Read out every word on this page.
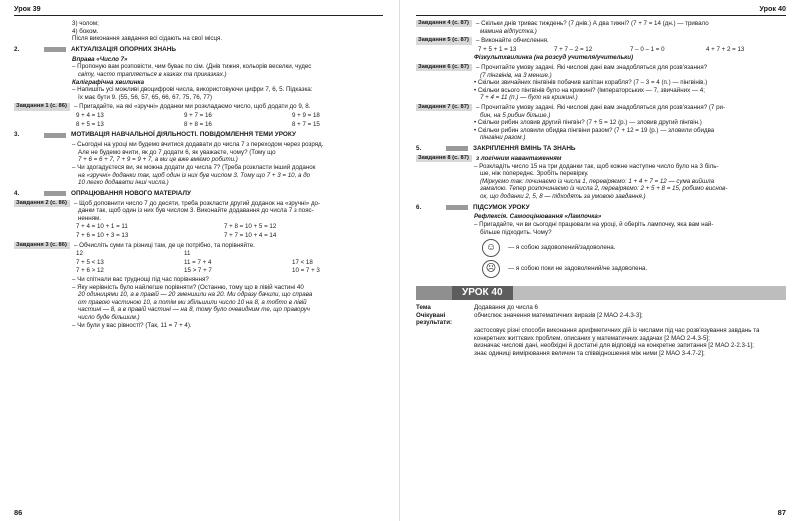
Урок 39
3) чолом;
4) боком.
Після виконання завдання всі сідають на свої місця.
2.	АКТУАЛІЗАЦІЯ ОПОРНИХ ЗНАНЬ
Вправа «Число 7»
– Пропоную вам розповісти, чим буває по сім. (Днів тижня, кольорів веселки, чудес
світу, часто трапляється в казках та приказках.)
Каліграфічна хвилинка
– Напишіть усі можливі двоцифрові числа, використовуючи цифри 7, 6, 5. Підказка:
їх має бути 9. (55, 56, 57, 65, 66, 67, 75, 76, 77)
Завдання 1 (с. 86)	– Пригадайте, на які «зручні» доданки ми розкладаємо число, щоб додати до 9, 8.
9 + 4 = 13	9 + 7 = 16	9 + 9 = 18
8 + 5 = 13	8 + 8 = 16	8 + 7 = 15
3.	МОТИВАЦІЯ НАВЧАЛЬНОЇ ДІЯЛЬНОСТІ. ПОВІДОМЛЕННЯ ТЕМИ УРОКУ
– Сьогодні на уроці ми будемо вчитися додавати до числа 7 з переходом через розряд.
Але не будемо вчити, як до 7 додати 6, як уважаєте, чому? (Тому що
7 + 6 = 6 + 7, 7 + 9 = 9 + 7, а ми це вже вміємо робити.)
– Чи здогадуєтеся ви, як можна додати до числа 7? (Треба розкласти інший доданок
на «зручні» доданки так, щоб один із них був числом 3. Тому що 7 + 3 = 10, а до
10 легко додавати інші числа.)
4.	ОПРАЦЮВАННЯ НОВОГО МАТЕРІАЛУ
Завдання 2 (с. 86)	– Щоб доповнити число 7 до десяти, треба розкласти другий доданок на «зручні» до-
данки так, щоб один із них був числом 3. Виконайте додавання до числа 7 з пояс-
ненням.
7 + 4 = 10 + 1 = 11	7 + 8 = 10 + 5 = 12
7 + 6 = 10 + 3 = 13	7 + 7 = 10 + 4 = 14
Завдання 3 (с. 86)	– Обчисліть суми та різниці там, де це потрібно, та порівняйте.
12	11
7 + 5 < 13	11 = 7 + 4	17 < 18
7 + 6 > 12	15 > 7 + 7	10 = 7 + 3
– Чи спітнали вас труднощі під час порівняння?
– Яку нерівність було найлегше порівняти? (Останню, тому що в лівій частині 40
20 одиницями 10, а в правій — 20 зменшили на 20. Ми одразу бачили, що справа
от правою частиною 10, а потім ми збільшили число 10 на 8, а тобто в лівій
частині — 8, а в правій частині — на 8, тому було очевидним те, що праворуч
число буде більшим.)
– Чи були у вас рівності? (Так, 11 = 7 + 4).
86
Урок 40
Завдання 4 (с. 87)	– Скільки днів триває тиждень? (7 днів.) А два тижні? (7 + 7 = 14 (дн.) — тривало
мамина відпустка.)
Завдання 5 (с. 87)	– Виконайте обчислення.
7 + 5 + 1 = 13	7 + 7 – 2 = 12	7 – 0 – 1 = 0	4 + 7 + 2 = 13
Фізкультхвилинка (на розсуд учителя/учительки)
Завдання 6 (с. 87)	– Прочитайте умову задачі. Які числові дані вам знадобляться для розв'язання?
(7 пінгвінів, на 3 менше.)
• Скільки звичайних пінгвінів побачив капітан корабля? (7 – 3 = 4 (п.) — пінгвінів.)
• Скільки всього пінгвінів було на крижині? (Імператорських — 7, звичайних — 4;
7 + 4 = 11 (п.) — було на крижині.)
Завдання 7 (с. 87)	– Прочитайте умову задачі. Які числові дані вам знадобляться для розв'язання? (7 ри-
бин, на 5 рибин більше.)
• Скільки рибин зловив другий пінгвін? (7 + 5 = 12 (р.) — зловив другий пінгвін.)
• Скільки рибин зловили обидва пінгвіни разом? (7 + 12 = 19 (р.) — зловили обидва
пінгвіни разом.)
5.	ЗАКРІПЛЕННЯ ВМІНЬ ТА ЗНАНЬ
Завдання 8 (с. 87)	з логічним навантаженням
– Розкладіть число 15 на три доданки так, щоб кожне наступне число було на 3 біль-
ше, ніж попереднє. Зробіть перевірку.
(Міркуємо так: починаємо із числа 1, перевіряємо: 1 + 4 + 7 = 12 — сума вийшла
замалою. Тепер розпочинаємо із числа 2, перевіряємо: 2 + 5 + 8 = 15, робимо виснов-
ок, що доданки 2, 5, 8 — підходять за умовою завдання.)
6.	ПІДСУМОК УРОКУ
Рефлексія. Самооцінювання «Лампочка»
– Пригадайте, чи ви сьогодні працювали на уроці, й оберіть лампочку, яка вам най-
більше підходить. Чому?
☺	— я собою задоволений/задоволена.
☹	— я собою поки не задоволений/не задоволена.
УРОК 40
Тема	Додавання до числа 6
Очікувані результати:
обчислює значення математичних виразів [2 МАО 2-4.3-3];
застосовує різні способи виконання арифметичних дій із числами під час розв'язування завдань та
конкретних життєвих проблем, описаних у математичних задачах [2 МАО 2-4.3-5];
визначає числові дані, необхідні й достатні для відповіді на конкретне запитання [2 МАО 2-2.3-1];
знає одиниці вимірювання величин та співвідношення між ними [2 МАО 3-4.7-2];
87
